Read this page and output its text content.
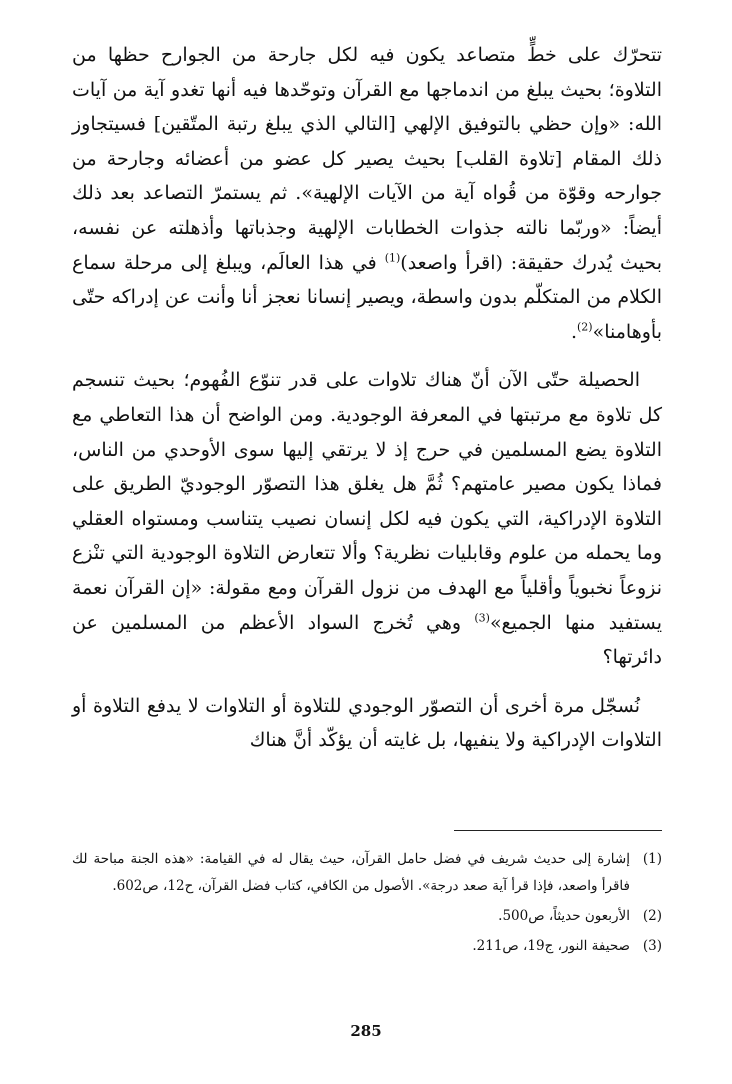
تتحرّك على خطٍّ متصاعد يكون فيه لكل جارحة من الجوارح حظها من التلاوة؛ بحيث يبلغ من اندماجها مع القرآن وتوحّدها فيه أنها تغدو آية من آيات الله: «وإن حظي بالتوفيق الإلهي [التالي الذي يبلغ رتبة المتّقين] فسيتجاوز ذلك المقام [تلاوة القلب] بحيث يصير كل عضو من أعضائه وجارحة من جوارحه وقوّة من قُواه آية من الآيات الإلهية». ثم يستمرّ التصاعد بعد ذلك أيضاً: «وربّما نالته جذوات الخطابات الإلهية وجذباتها وأذهلته عن نفسه، بحيث يُدرك حقيقة: (اقرأ واصعد)$^{(1)}$ في هذا العالَم، ويبلغ إلى مرحلة سماع الكلام من المتكلّم بدون واسطة، ويصير إنسانا نعجز أنا وأنت عن إدراكه حتّى بأوهامنا»$^{(2)}$.

الحصيلة حتّى الآن أنّ هناك تلاوات على قدر تنوّع الفُهوم؛ بحيث تنسجم كل تلاوة مع مرتبتها في المعرفة الوجودية. ومن الواضح أن هذا التعاطي مع التلاوة يضع المسلمين في حرج إذ لا يرتقي إليها سوى الأوحدي من الناس، فماذا يكون مصير عامتهم؟ ثُمَّ هل يغلق هذا التصوّر الوجوديّ الطريق على التلاوة الإدراكية، التي يكون فيه لكل إنسان نصيب يتناسب ومستواه العقلي وما يحمله من علوم وقابليات نظرية؟ وألا تتعارض التلاوة الوجودية التي تنْزع نزوعاً نخبوياً وأقلياً مع الهدف من نزول القرآن ومع مقولة: «إن القرآن نعمة يستفيد منها الجميع»$^{(3)}$ وهي تُخرج السواد الأعظم من المسلمين عن دائرتها؟

نُسجّل مرة أخرى أن التصوّر الوجودي للتلاوة أو التلاوات لا يدفع التلاوة أو التلاوات الإدراكية ولا ينفيها، بل غايته أن يؤكّد أنَّ هناك

(1)
إشارة إلى حديث شريف في فضل حامل القرآن، حيث يقال له في القيامة: «هذه الجنة مباحة لك فاقرأ واصعد، فإذا قرأ آية صعد درجة». الأصول من الكافي، كتاب فضل القرآن، ح12، ص602.
(2)
الأربعون حديثاً، ص500.
(3)
صحيفة النور، ج19، ص211.
285
